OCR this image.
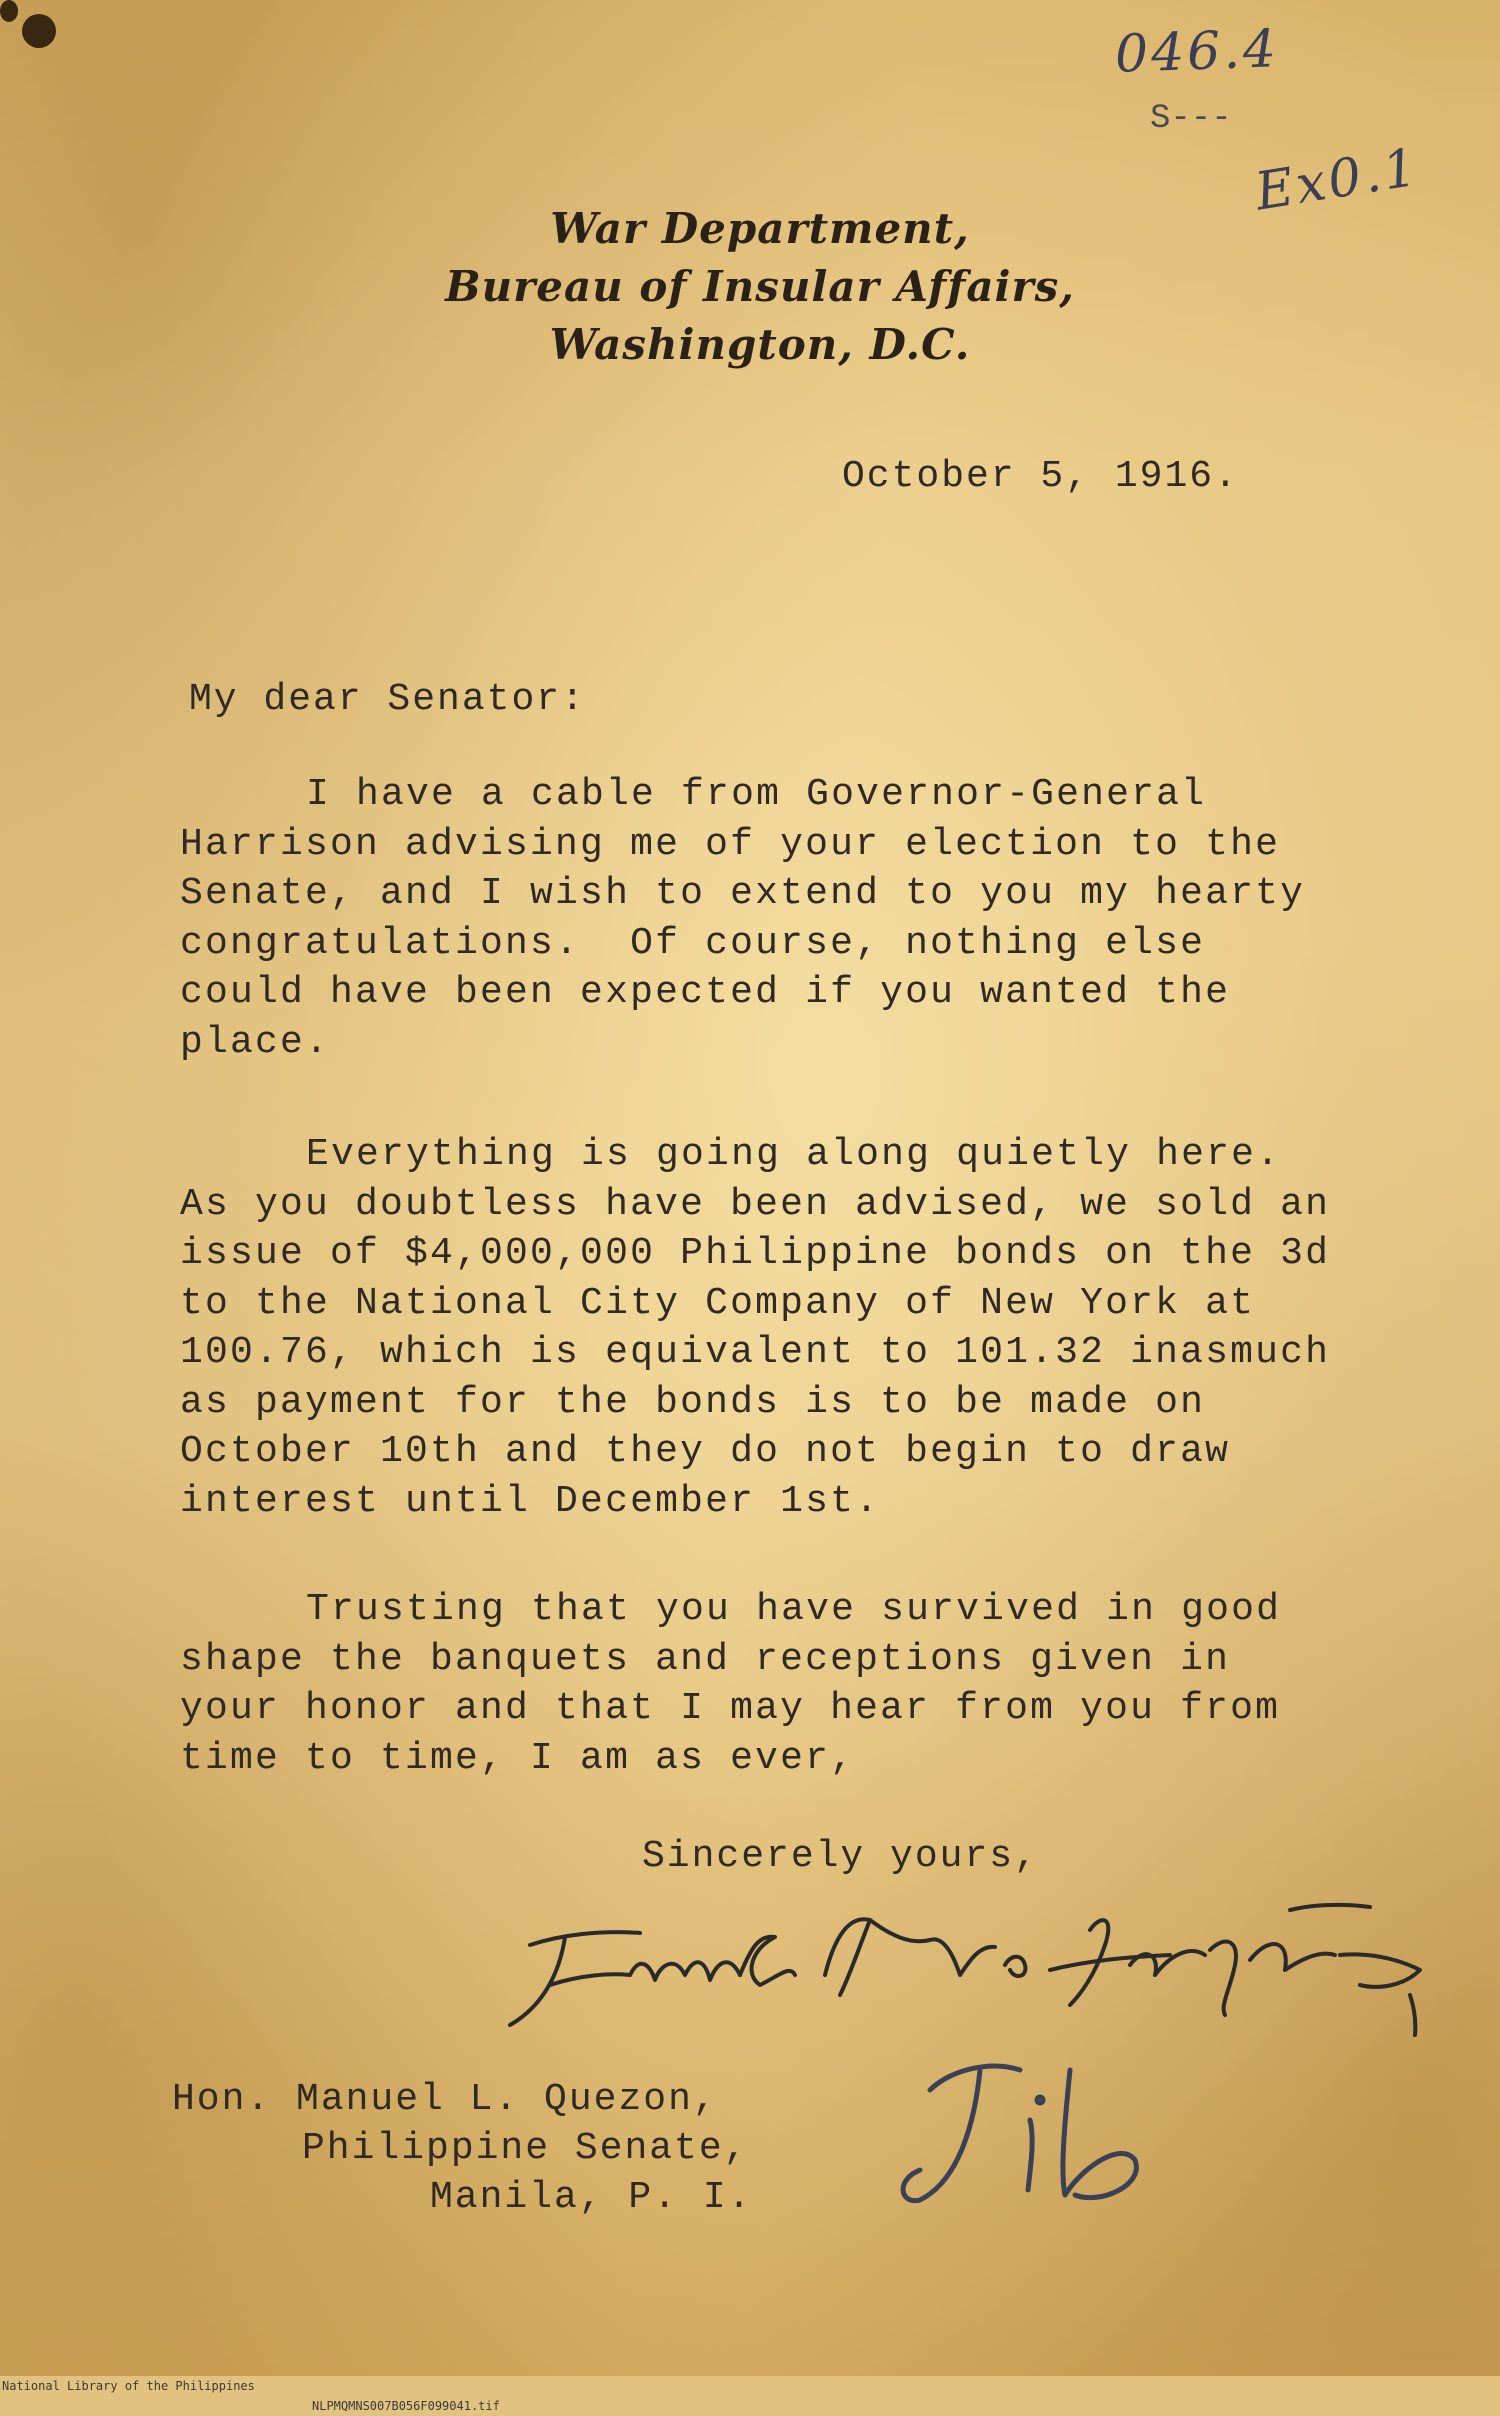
046.4
S---
Ex0.1
War Department,
Bureau of Insular Affairs,
Washington, D.C.
October 5, 1916.
My dear Senator:
I have a cable from Governor-General
Harrison advising me of your election to the
Senate, and I wish to extend to you my hearty
congratulations.  Of course, nothing else
could have been expected if you wanted the
place.
Everything is going along quietly here.
As you doubtless have been advised, we sold an
issue of $4,000,000 Philippine bonds on the 3d
to the National City Company of New York at
100.76, which is equivalent to 101.32 inasmuch
as payment for the bonds is to be made on
October 10th and they do not begin to draw
interest until December 1st.
Trusting that you have survived in good
shape the banquets and receptions given in
your honor and that I may hear from you from
time to time, I am as ever,
Sincerely yours,
Hon. Manuel L. Quezon,
Philippine Senate,
Manila, P. I.

National Library of the Philippines

NLPMQMNS007B056F099041.tif
